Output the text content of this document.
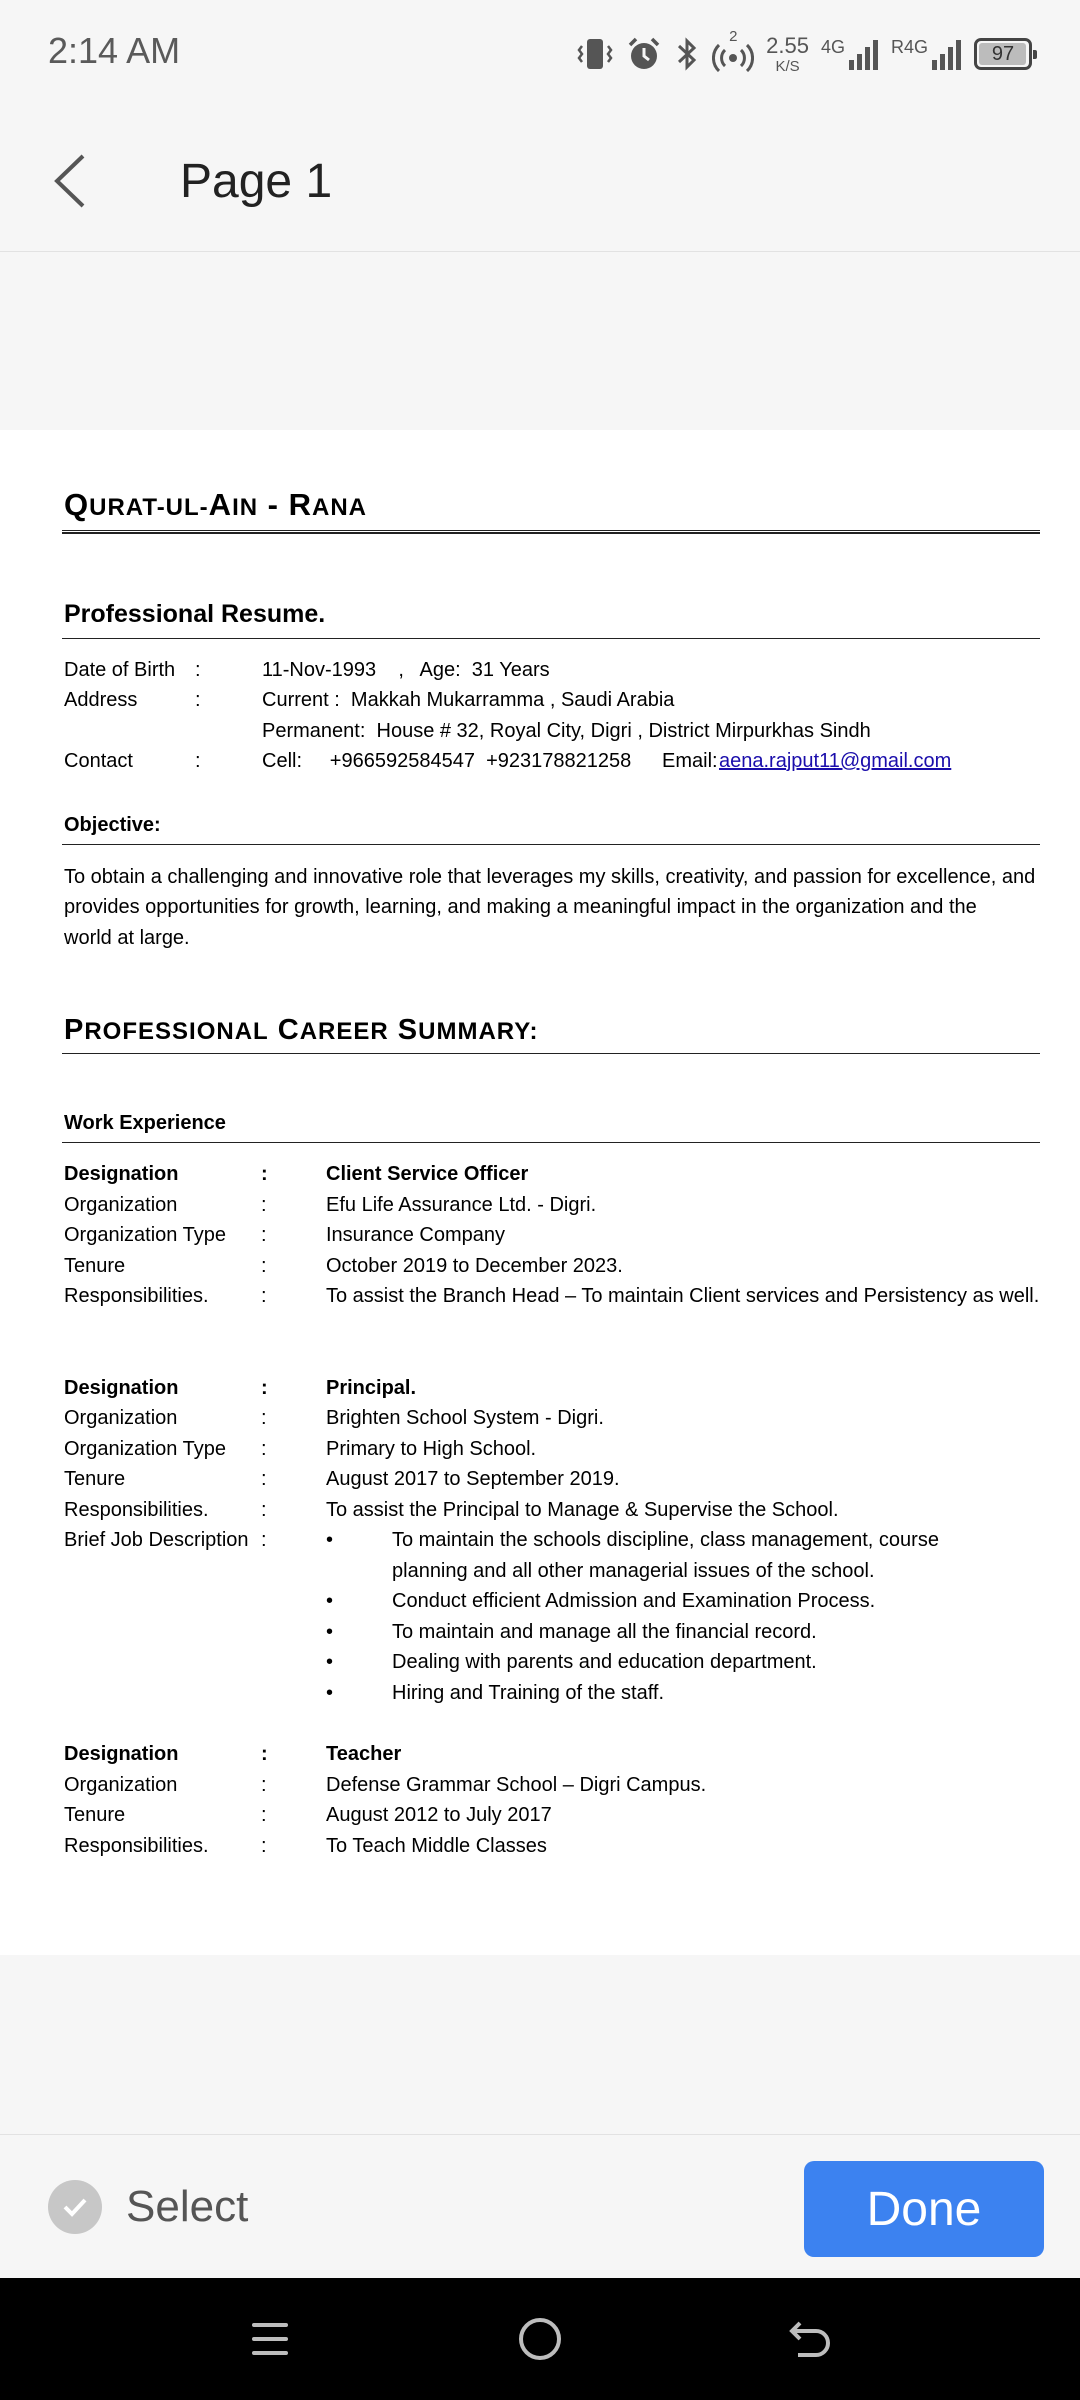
2:14 AM	2 2.55
K/S
4G	R4G	97
Page 1
QURAT-UL-AIN - RANA
Professional Resume.
Date of Birth :	11-Nov-1993    ,   Age:  31 Years
Address	:	Current :  Makkah Mukarramma , Saudi Arabia
Permanent:  House # 32, Royal City, Digri , District Mirpurkhas Sindh
Contact	:	Cell:     +966592584547  +923178821258 Email: aena.rajput11@gmail.com
Objective:
To obtain a challenging and innovative role that leverages my skills, creativity, and passion for excellence, and
provides opportunities for growth, learning, and making a meaningful impact in the organization and the
world at large.
PROFESSIONAL CAREER SUMMARY:
Work Experience
Designation	:	Client Service Officer
Organization	:	Efu Life Assurance Ltd. - Digri.
Organization Type :	Insurance Company
Tenure	:	October 2019 to December 2023.
Responsibilities.	:	To assist the Branch Head – To maintain Client services and Persistency as well.
Designation	:	Principal.
Organization	:	Brighten School System - Digri.
Organization Type :	Primary to High School.
Tenure	:	August 2017 to September 2019.
Responsibilities.	:	To assist the Principal to Manage & Supervise the School.
Brief Job Description :	•	To maintain the schools discipline, class management, course
planning and all other managerial issues of the school.
•	Conduct efficient Admission and Examination Process.
•	To maintain and manage all the financial record.
•	Dealing with parents and education department.
•	Hiring and Training of the staff.
Designation	:	Teacher
Organization	:	Defense Grammar School – Digri Campus.
Tenure	:	August 2012 to July 2017
Responsibilities.	:	To Teach Middle Classes
Select	Done
